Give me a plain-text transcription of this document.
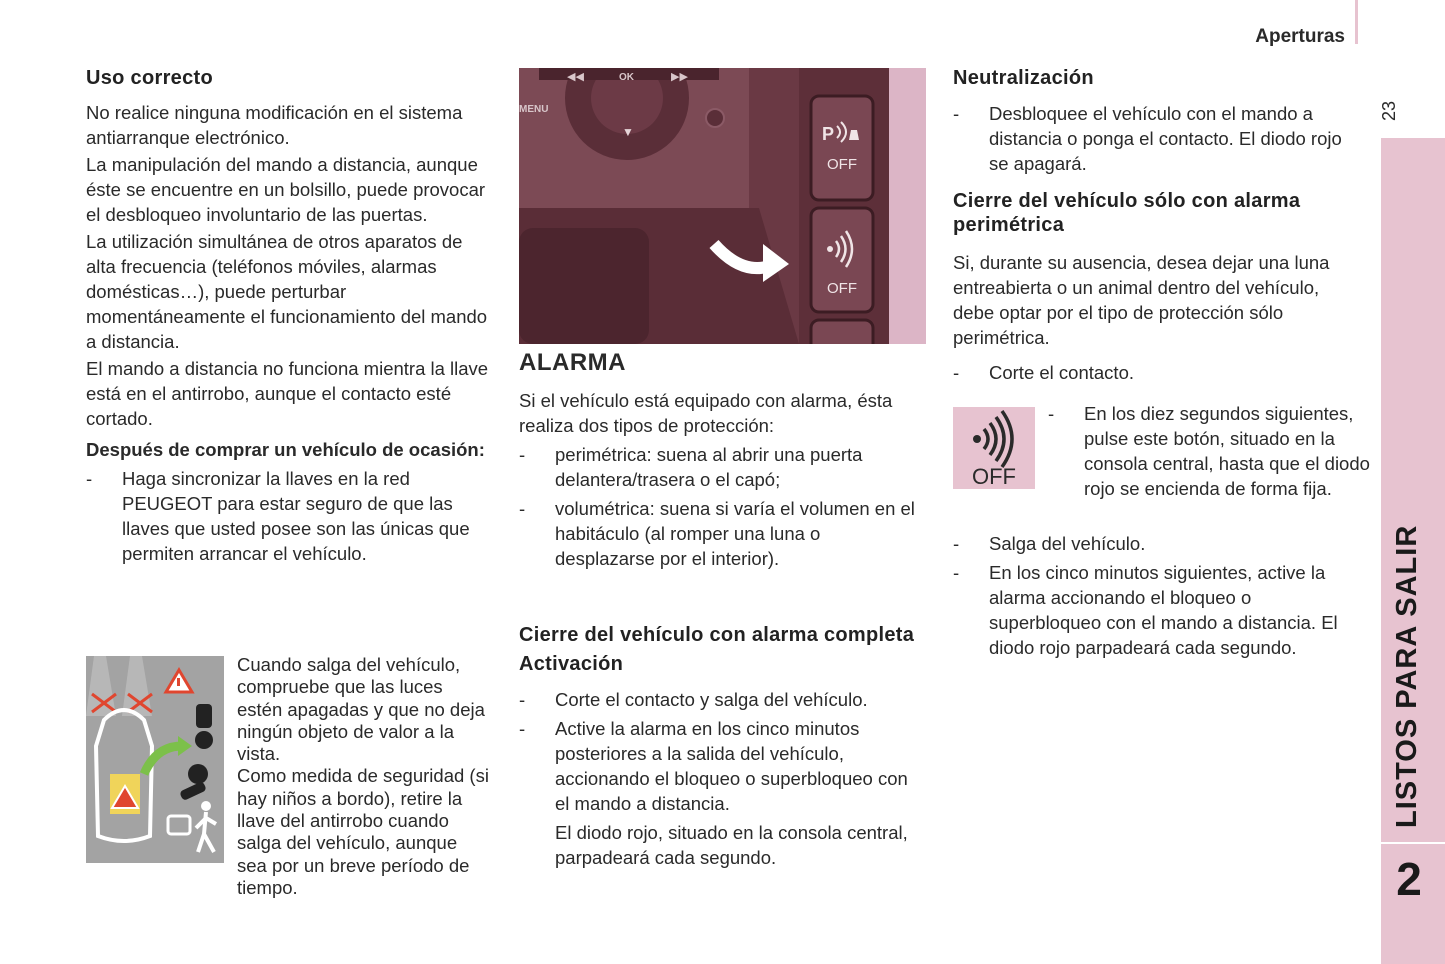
Aperturas
23
LISTOS PARA SALIR
2
Uso correcto

No realice ninguna modificación en el sistema antiarranque electrónico.

La manipulación del mando a distancia, aunque éste se encuentre en un bolsillo, puede provocar el desbloqueo involuntario de las puertas.

La utilización simultánea de otros aparatos de alta frecuencia (teléfonos móviles, alarmas domésticas…), puede perturbar momentáneamente el funcionamiento del mando a distancia.

El mando a distancia no funciona mientra la llave está en el antirrobo, aunque el contacto esté cortado.

Después de comprar un vehículo de ocasión:

- Haga sincronizar la llaves en la red PEUGEOT para estar seguro de que las llaves que usted posee son las únicas que permiten arrancar el vehículo.

Cuando salga del vehículo, compruebe que las luces estén apagadas y que no deja ningún objeto de valor a la vista.

Como medida de seguridad (si hay niños a bordo), retire la llave del antirrobo cuando salga del vehículo, aunque sea por un breve período de tiempo.

◀◀	OK	▶▶
▼
MENU
P
OFF
OFF
ALARMA

Si el vehículo está equipado con alarma, ésta realiza dos tipos de protección:

- perimétrica: suena al abrir una puerta delantera/trasera o el capó;
- volumétrica: suena si varía el volumen en el habitáculo (al romper una luna o desplazarse por el interior).
Cierre del vehículo con alarma completa
Activación
- Corte el contacto y salga del vehículo.
- Active la alarma en los cinco minutos posteriores a la salida del vehículo, accionando el bloqueo o superbloqueo con el mando a distancia.

El diodo rojo, situado en la consola central, parpadeará cada segundo.

Neutralización
- Desbloquee el vehículo con el mando a distancia o ponga el contacto. El diodo rojo se apagará.
Cierre del vehículo sólo con alarma perimétrica

Si, durante su ausencia, desea dejar una luna entreabierta o un animal dentro del vehículo, debe optar por el tipo de protección sólo perimétrica.

- Corte el contacto.
OFF
- En los diez segundos siguientes, pulse este botón, situado en la consola central, hasta que el diodo rojo se encienda de forma fija.
- Salga del vehículo.
- En los cinco minutos siguientes, active la alarma accionando el bloqueo o superbloqueo con el mando a distancia. El diodo rojo parpadeará cada segundo.
